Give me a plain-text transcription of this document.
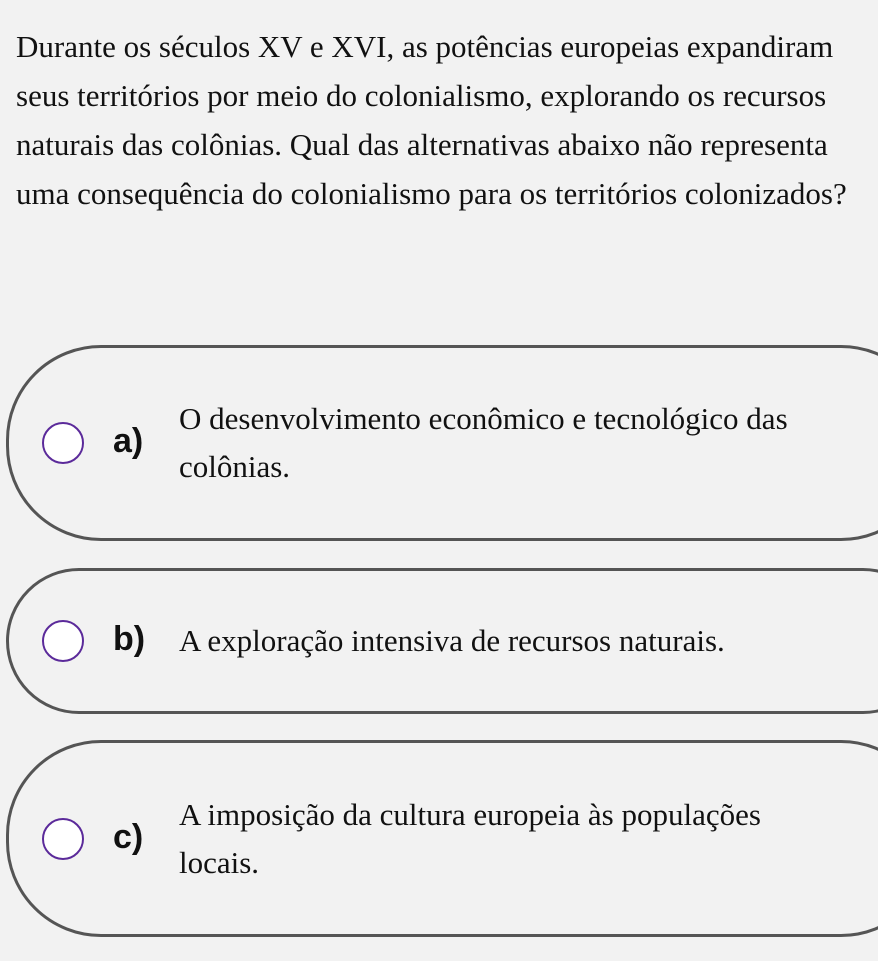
Durante os séculos XV e XVI, as potências europeias expandiram seus territórios por meio do colonialismo, explorando os recursos naturais das colônias. Qual das alternativas abaixo não representa uma consequência do colonialismo para os territórios colonizados?

a)
O desenvolvimento econômico e tecnológico das colônias.
b) A exploração intensiva de recursos naturais.
c)
A imposição da cultura europeia às populações locais.
